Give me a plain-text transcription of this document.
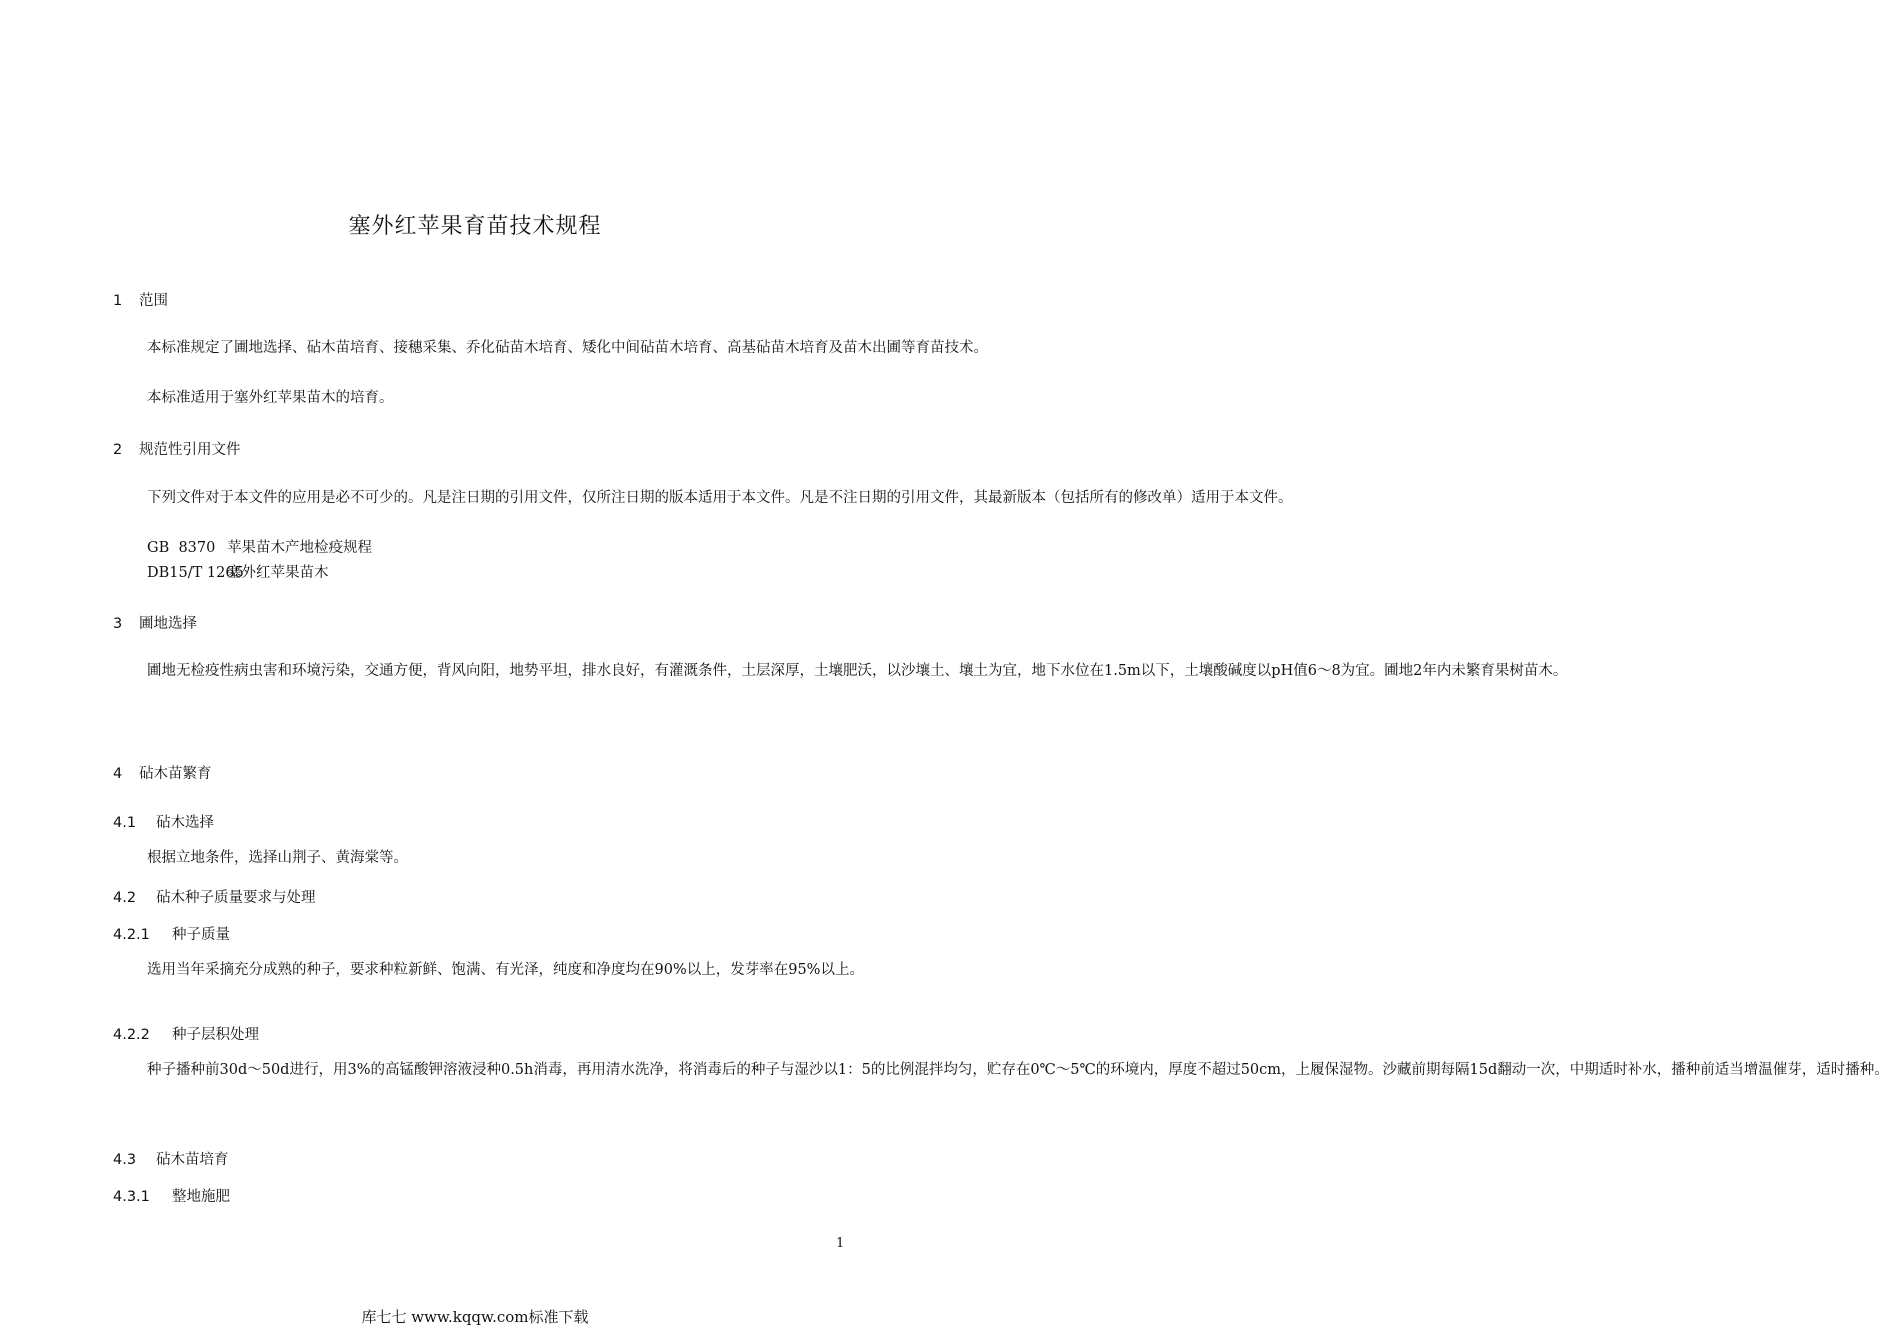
塞外红苹果育苗技术规程
1 范围
本标准规定了圃地选择、砧木苗培育、接穗采集、乔化砧苗木培育、矮化中间砧苗木培育、高基砧苗木培育及苗木出圃等育苗技术。
本标准适用于塞外红苹果苗木的培育。
2 规范性引用文件
下列文件对于本文件的应用是必不可少的。凡是注日期的引用文件，仅所注日期的版本适用于本文件。凡是不注日期的引用文件，其最新版本（包括所有的修改单）适用于本文件。
GB  8370 苹果苗木产地检疫规程
DB15/T 1265塞外红苹果苗木
3 圃地选择
圃地无检疫性病虫害和环境污染，交通方便，背风向阳，地势平坦，排水良好，有灌溉条件，土层深厚，土壤肥沃，以沙壤土、壤土为宜，地下水位在1.5m以下，土壤酸碱度以pH值6～8为宜。圃地2年内未繁育果树苗木。
4 砧木苗繁育
4.1 砧木选择
根据立地条件，选择山荆子、黄海棠等。
4.2 砧木种子质量要求与处理
4.2.1 种子质量
选用当年采摘充分成熟的种子，要求种粒新鲜、饱满、有光泽，纯度和净度均在90%以上，发芽率在95%以上。
4.2.2 种子层积处理
种子播种前30d～50d进行，用3%的高锰酸钾溶液浸种0.5h消毒，再用清水洗净，将消毒后的种子与湿沙以1：5的比例混拌均匀，贮存在0℃～5℃的环境内，厚度不超过50cm，上履保湿物。沙藏前期每隔15d翻动一次，中期适时补水，播种前适当增温催芽，适时播种。
4.3 砧木苗培育
4.3.1 整地施肥
1
库七七 www.kqqw.com标准下载
